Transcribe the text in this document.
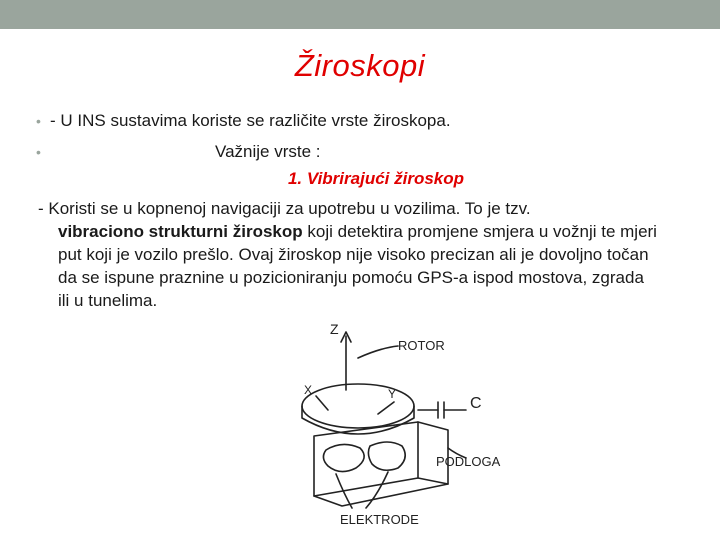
Žiroskopi
• - U INS sustavima koriste se različite vrste žiroskopa.
•	Važnije vrste :
1. Vibrirajući žiroskop
- Koristi se u kopnenoj navigaciji za upotrebu u vozilima. To je tzv.
vibraciono strukturni žiroskop koji detektira promjene smjera u vožnji te mjeri put koji je vozilo prešlo. Ovaj žiroskop nije visoko precizan ali je dovoljno točan da se ispune praznine u pozicioniranju pomoću GPS-a ispod mostova, zgrada ili u tunelima.
Z
ROTOR
X	Y
C
PODLOGA
ELEKTRODE
